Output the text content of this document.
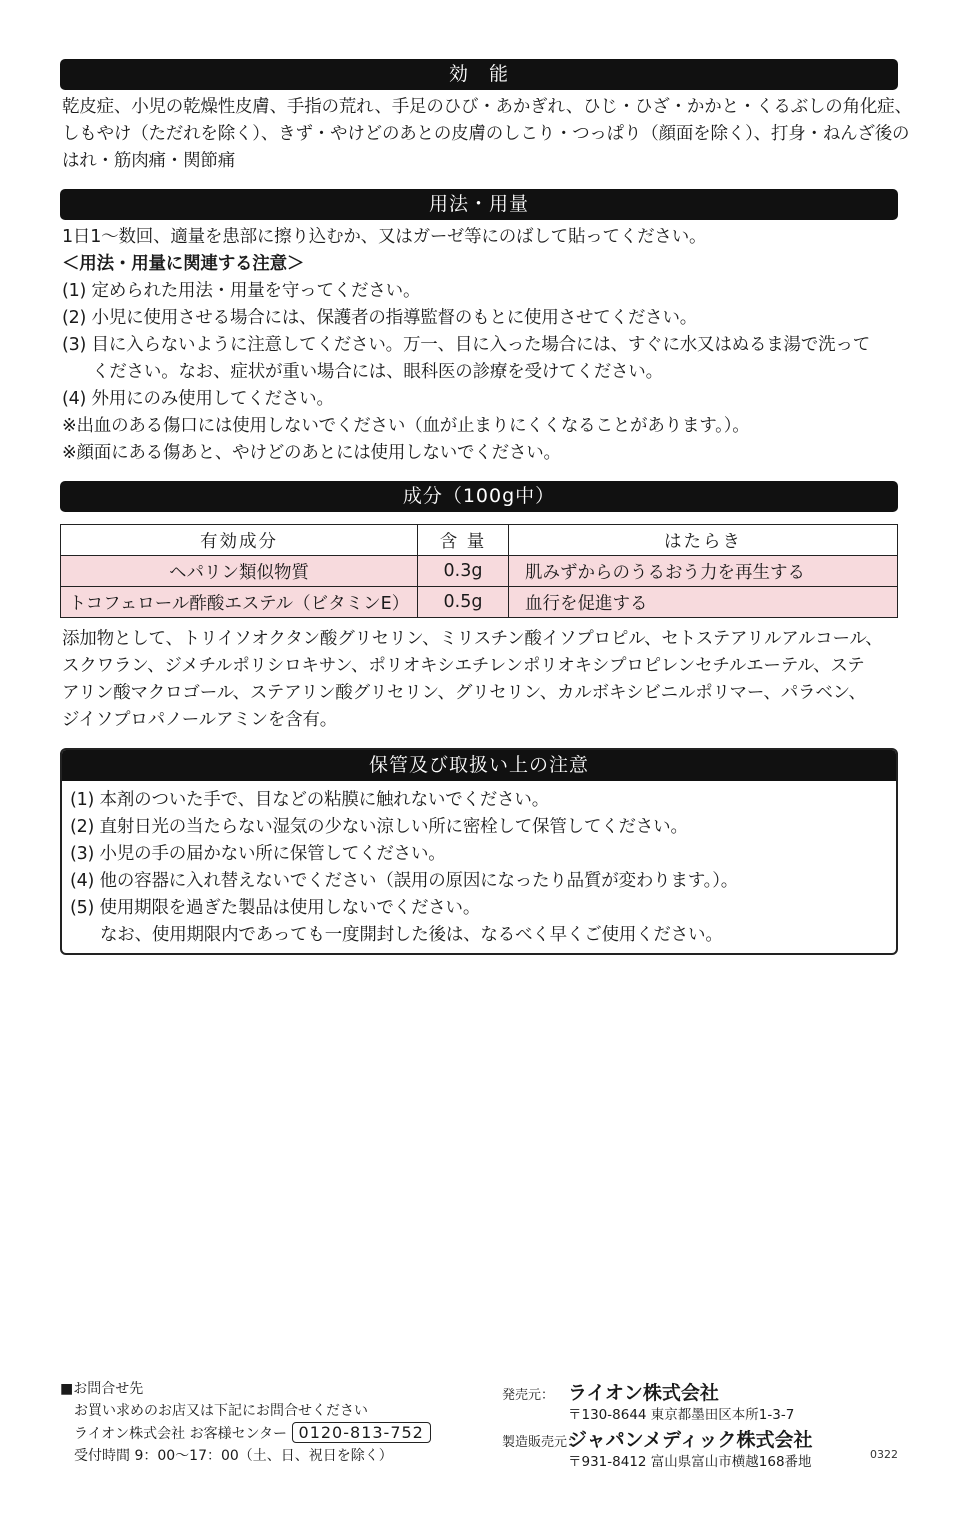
効　能
乾皮症、小児の乾燥性皮膚、手指の荒れ、手足のひび・あかぎれ、ひじ・ひざ・かかと・くるぶしの角化症、
しもやけ（ただれを除く）、きず・やけどのあとの皮膚のしこり・つっぱり（顔面を除く）、打身・ねんざ後の
はれ・筋肉痛・関節痛
用法・用量
1日1～数回、適量を患部に擦り込むか、又はガーゼ等にのばして貼ってください。
＜用法・用量に関連する注意＞
(1) 定められた用法・用量を守ってください。
(2) 小児に使用させる場合には、保護者の指導監督のもとに使用させてください。
(3) 目に入らないように注意してください。万一、目に入った場合には、すぐに水又はぬるま湯で洗って
ください。なお、症状が重い場合には、眼科医の診療を受けてください。
(4) 外用にのみ使用してください。
※出血のある傷口には使用しないでください（血が止まりにくくなることがあります。）。
※顔面にある傷あと、やけどのあとには使用しないでください。
成分（100g中）
有効成分	含 量	はたらき
ヘパリン類似物質	0.3g	肌みずからのうるおう力を再生する
トコフェロール酢酸エステル（ビタミンE）	0.5g	血行を促進する
添加物として、トリイソオクタン酸グリセリン、ミリスチン酸イソプロピル、セトステアリルアルコール、
スクワラン、ジメチルポリシロキサン、ポリオキシエチレンポリオキシプロピレンセチルエーテル、ステ
アリン酸マクロゴール、ステアリン酸グリセリン、グリセリン、カルボキシビニルポリマー、パラベン、
ジイソプロパノールアミンを含有。
保管及び取扱い上の注意
(1) 本剤のついた手で、目などの粘膜に触れないでください。
(2) 直射日光の当たらない湿気の少ない涼しい所に密栓して保管してください。
(3) 小児の手の届かない所に保管してください。
(4) 他の容器に入れ替えないでください（誤用の原因になったり品質が変わります。）。
(5) 使用期限を過ぎた製品は使用しないでください。
なお、使用期限内であっても一度開封した後は、なるべく早くご使用ください。
■お問合せ先
お買い求めのお店又は下記にお問合せください
ライオン株式会社 お客様センター 0120-813-752
受付時間 9：00～17：00（土、日、祝日を除く）
発売元： ライオン株式会社
〒130-8644 東京都墨田区本所1-3-7
製造販売元：
ジャパンメディック株式会社
〒931-8412 富山県富山市横越168番地	0322
